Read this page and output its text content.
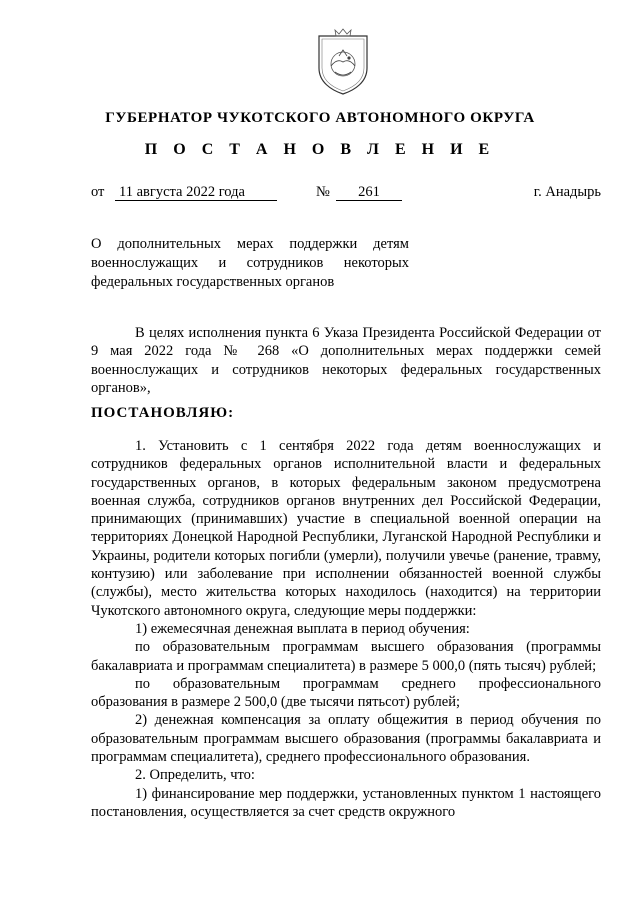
ГУБЕРНАТОР ЧУКОТСКОГО АВТОНОМНОГО ОКРУГА
П О С Т А Н О В Л Е Н И Е
от 11 августа 2022 года	№	261	г. Анадырь
О дополнительных мерах поддержки детям военнослужащих и сотрудников некоторых федеральных государственных органов

В целях исполнения пункта 6 Указа Президента Российской Федерации от 9 мая 2022 года № 268 «О дополнительных мерах поддержки семей военнослужащих и сотрудников некоторых федеральных государственных органов»,

ПОСТАНОВЛЯЮ:

1. Установить с 1 сентября 2022 года детям военнослужащих и сотрудников федеральных органов исполнительной власти и федеральных государственных органов, в которых федеральным законом предусмотрена военная служба, сотрудников органов внутренних дел Российской Федерации, принимающих (принимавших) участие в специальной военной операции на территориях Донецкой Народной Республики, Луганской Народной Республики и Украины, родители которых погибли (умерли), получили увечье (ранение, травму, контузию) или заболевание при исполнении обязанностей военной службы (службы), место жительства которых находилось (находится) на территории Чукотского автономного округа, следующие меры поддержки:

1) ежемесячная денежная выплата в период обучения:

по образовательным программам высшего образования (программы бакалавриата и программам специалитета) в размере 5 000,0 (пять тысяч) рублей;

по образовательным программам среднего профессионального образования в размере 2 500,0 (две тысячи пятьсот) рублей;

2) денежная компенсация за оплату общежития в период обучения по образовательным программам высшего образования (программы бакалавриата и программам специалитета), среднего профессионального образования.

2. Определить, что:

1) финансирование мер поддержки, установленных пунктом 1 настоящего постановления, осуществляется за счет средств окружного
